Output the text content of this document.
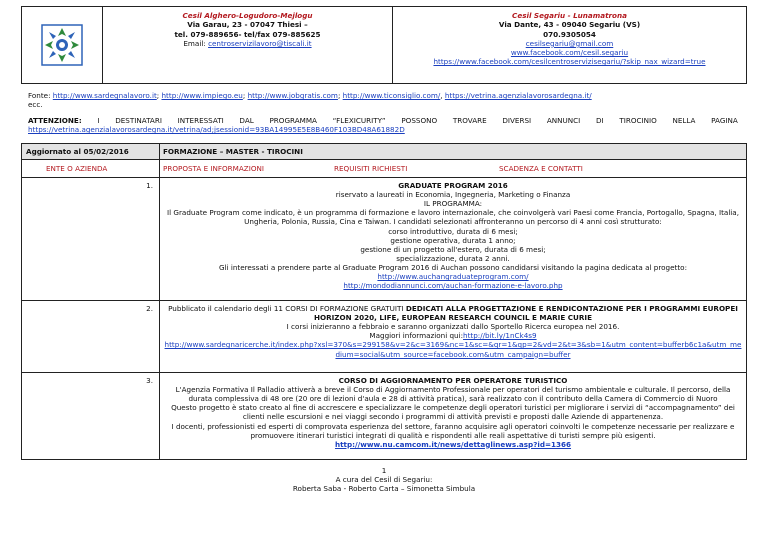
Cesil Alghero-Logudoro-Mejlogu
Via Garau, 23 - 07047 Thiesi –
tel. 079-889656- tel/fax 079-885625
Email: centroservizilavoro@tiscali.it
Cesil Segariu - Lunamatrona
Via Dante, 43 - 09040 Segariu (VS)
070.9305054
cesilsegariu@gmail.com
www.facebook.com/cesil.segariu
https://www.facebook.com/cesilcentroservizisegariu/?skip_nax_wizard=true
Fonte: http://www.sardegnalavoro.it; http://www.impiego.eu; http://www.jobgratis.com; http://www.ticonsiglio.com/, https://vetrina.agenzialavorosardegna.it/
ecc.
ATTENZIONE: I DESTINATARI INTERESSATI DAL PROGRAMMA “FLEXICURITY” POSSONO TROVARE DIVERSI ANNUNCI DI TIROCINIO NELLA PAGINA
https://vetrina.agenzialavorosardegna.it/vetrina/ad;jsessionid=93BA14995E5E8B460F103BD48A61882D
Aggiornato al 05/02/2016	FORMAZIONE – MASTER - TIROCINI
ENTE O AZIENDA	PROPOSTA E INFORMAZIONI	REQUISITI RICHIESTI	SCADENZA E CONTATTI
1.	GRADUATE PROGRAM 2016
riservato a laureati in Economia, Ingegneria, Marketing o Finanza
IL PROGRAMMA:
Il Graduate Program come indicato, è un programma di formazione e lavoro internazionale, che coinvolgerà vari Paesi come Francia, Portogallo, Spagna, Italia, Ungheria, Polonia, Russia, Cina e Taiwan. I candidati selezionati affronteranno un percorso di 4 anni così strutturato:
corso introduttivo, durata di 6 mesi;
gestione operativa, durata 1 anno;
gestione di un progetto all'estero, durata di 6 mesi;
specializzazione, durata 2 anni.
Gli interessati a prendere parte al Graduate Program 2016 di Auchan possono candidarsi visitando la pagina dedicata al progetto: http://www.auchangraduateprogram.com/
http://mondodiannunci.com/auchan-formazione-e-lavoro.php
2.	Pubblicato il calendario degli 11 CORSI DI FORMAZIONE GRATUITI DEDICATI ALLA PROGETTAZIONE E RENDICONTAZIONE PER I PROGRAMMI EUROPEI HORIZON 2020, LIFE, EUROPEAN RESEARCH COUNCIL E MARIE CURIE
I corsi inizieranno a febbraio e saranno organizzati dallo Sportello Ricerca europea nel 2016.
Maggiori informazioni qui:http://bit.ly/1nCk4s9
http://www.sardegnaricerche.it/index.php?xsl=370&s=299158&v=2&c=3169&nc=1&sc=&qr=1&qp=2&vd=2&t=3&sb=1&utm_content=bufferb6c1a&utm_medium=social&utm_source=facebook.com&utm_campaign=buffer
3.	CORSO DI AGGIORNAMENTO PER OPERATORE TURISTICO
L'Agenzia Formativa Il Palladio attiverà a breve il Corso di Aggiornamento Professionale per operatori del turismo ambientale e culturale. Il percorso, della durata complessiva di 48 ore (20 ore di lezioni d'aula e 28 di attività pratica), sarà realizzato con il contributo della Camera di Commercio di Nuoro
Questo progetto è stato creato al fine di accrescere e specializzare le competenze degli operatori turistici per migliorare i servizi di “accompagnamento” dei clienti nelle escursioni e nei viaggi secondo i programmi di attività previsti e proposti dalle Aziende di appartenenza.
I docenti, professionisti ed esperti di comprovata esperienza del settore, faranno acquisire agli operatori coinvolti le competenze necessarie per realizzare e promuovere itinerari turistici integrati di qualità e rispondenti alle reali aspettative di turisti sempre più esigenti.
http://www.nu.camcom.it/news/dettaglinews.asp?id=1366
1
A cura del Cesil di Segariu:
Roberta Saba - Roberto Carta – Simonetta Simbula
